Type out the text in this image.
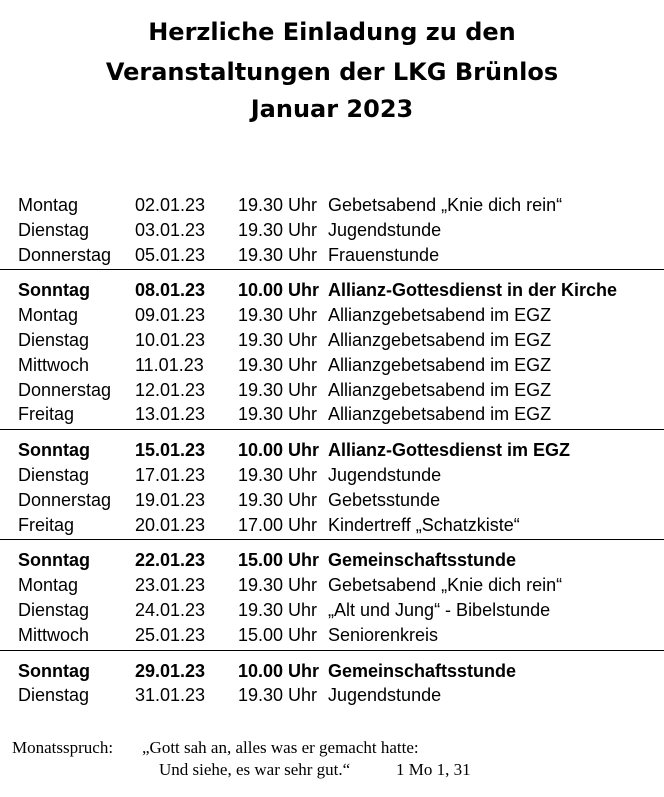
Herzliche Einladung zu den
Veranstaltungen der LKG Brünlos
Januar 2023
Montag	02.01.23 19.30 Uhr Gebetsabend „Knie dich rein“
Dienstag	03.01.23 19.30 Uhr Jugendstunde
Donnerstag 05.01.23 19.30 Uhr Frauenstunde
Sonntag	08.01.23 10.00 Uhr Allianz-Gottesdienst in der Kirche
Montag	09.01.23 19.30 Uhr Allianzgebetsabend im EGZ
Dienstag	10.01.23 19.30 Uhr Allianzgebetsabend im EGZ
Mittwoch	11.01.23 19.30 Uhr Allianzgebetsabend im EGZ
Donnerstag 12.01.23 19.30 Uhr Allianzgebetsabend im EGZ
Freitag	13.01.23 19.30 Uhr Allianzgebetsabend im EGZ
Sonntag	15.01.23 10.00 Uhr Allianz-Gottesdienst im EGZ
Dienstag	17.01.23 19.30 Uhr Jugendstunde
Donnerstag 19.01.23 19.30 Uhr Gebetsstunde
Freitag	20.01.23 17.00 Uhr Kindertreff „Schatzkiste“
Sonntag	22.01.23 15.00 Uhr Gemeinschaftsstunde
Montag	23.01.23 19.30 Uhr Gebetsabend „Knie dich rein“
Dienstag	24.01.23 19.30 Uhr „Alt und Jung“ - Bibelstunde
Mittwoch	25.01.23 15.00 Uhr Seniorenkreis
Sonntag	29.01.23 10.00 Uhr Gemeinschaftsstunde
Dienstag	31.01.23 19.30 Uhr Jugendstunde
Monatsspruch: „Gott sah an, alles was er gemacht hatte:
Und siehe, es war sehr gut.“	1 Mo 1, 31
